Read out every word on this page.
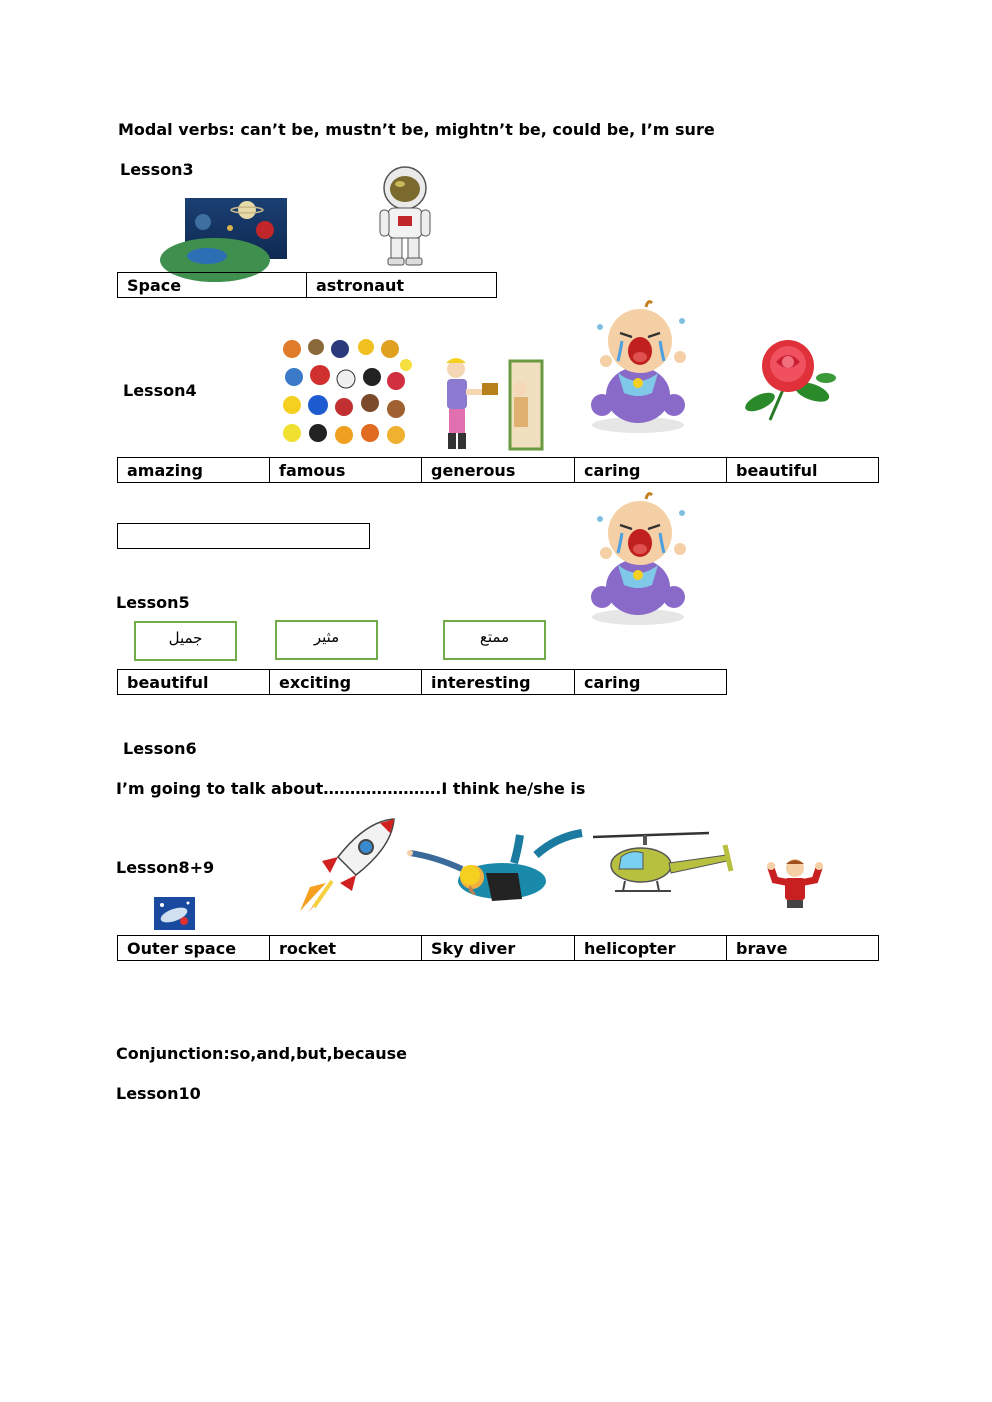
Modal verbs: can’t be, mustn’t be, mightn’t be, could be, I’m sure
Lesson3
Space	astronaut
Lesson4
amazing	famous	generous	caring	beautiful
Lesson5
جميل	مثير	ممتع
beautiful	exciting	interesting	caring
Lesson6
I’m going to talk about………………….I think he/she is
Lesson8+9
Outer space	rocket	Sky diver	helicopter	brave
Conjunction:so,and,but,because
Lesson10
